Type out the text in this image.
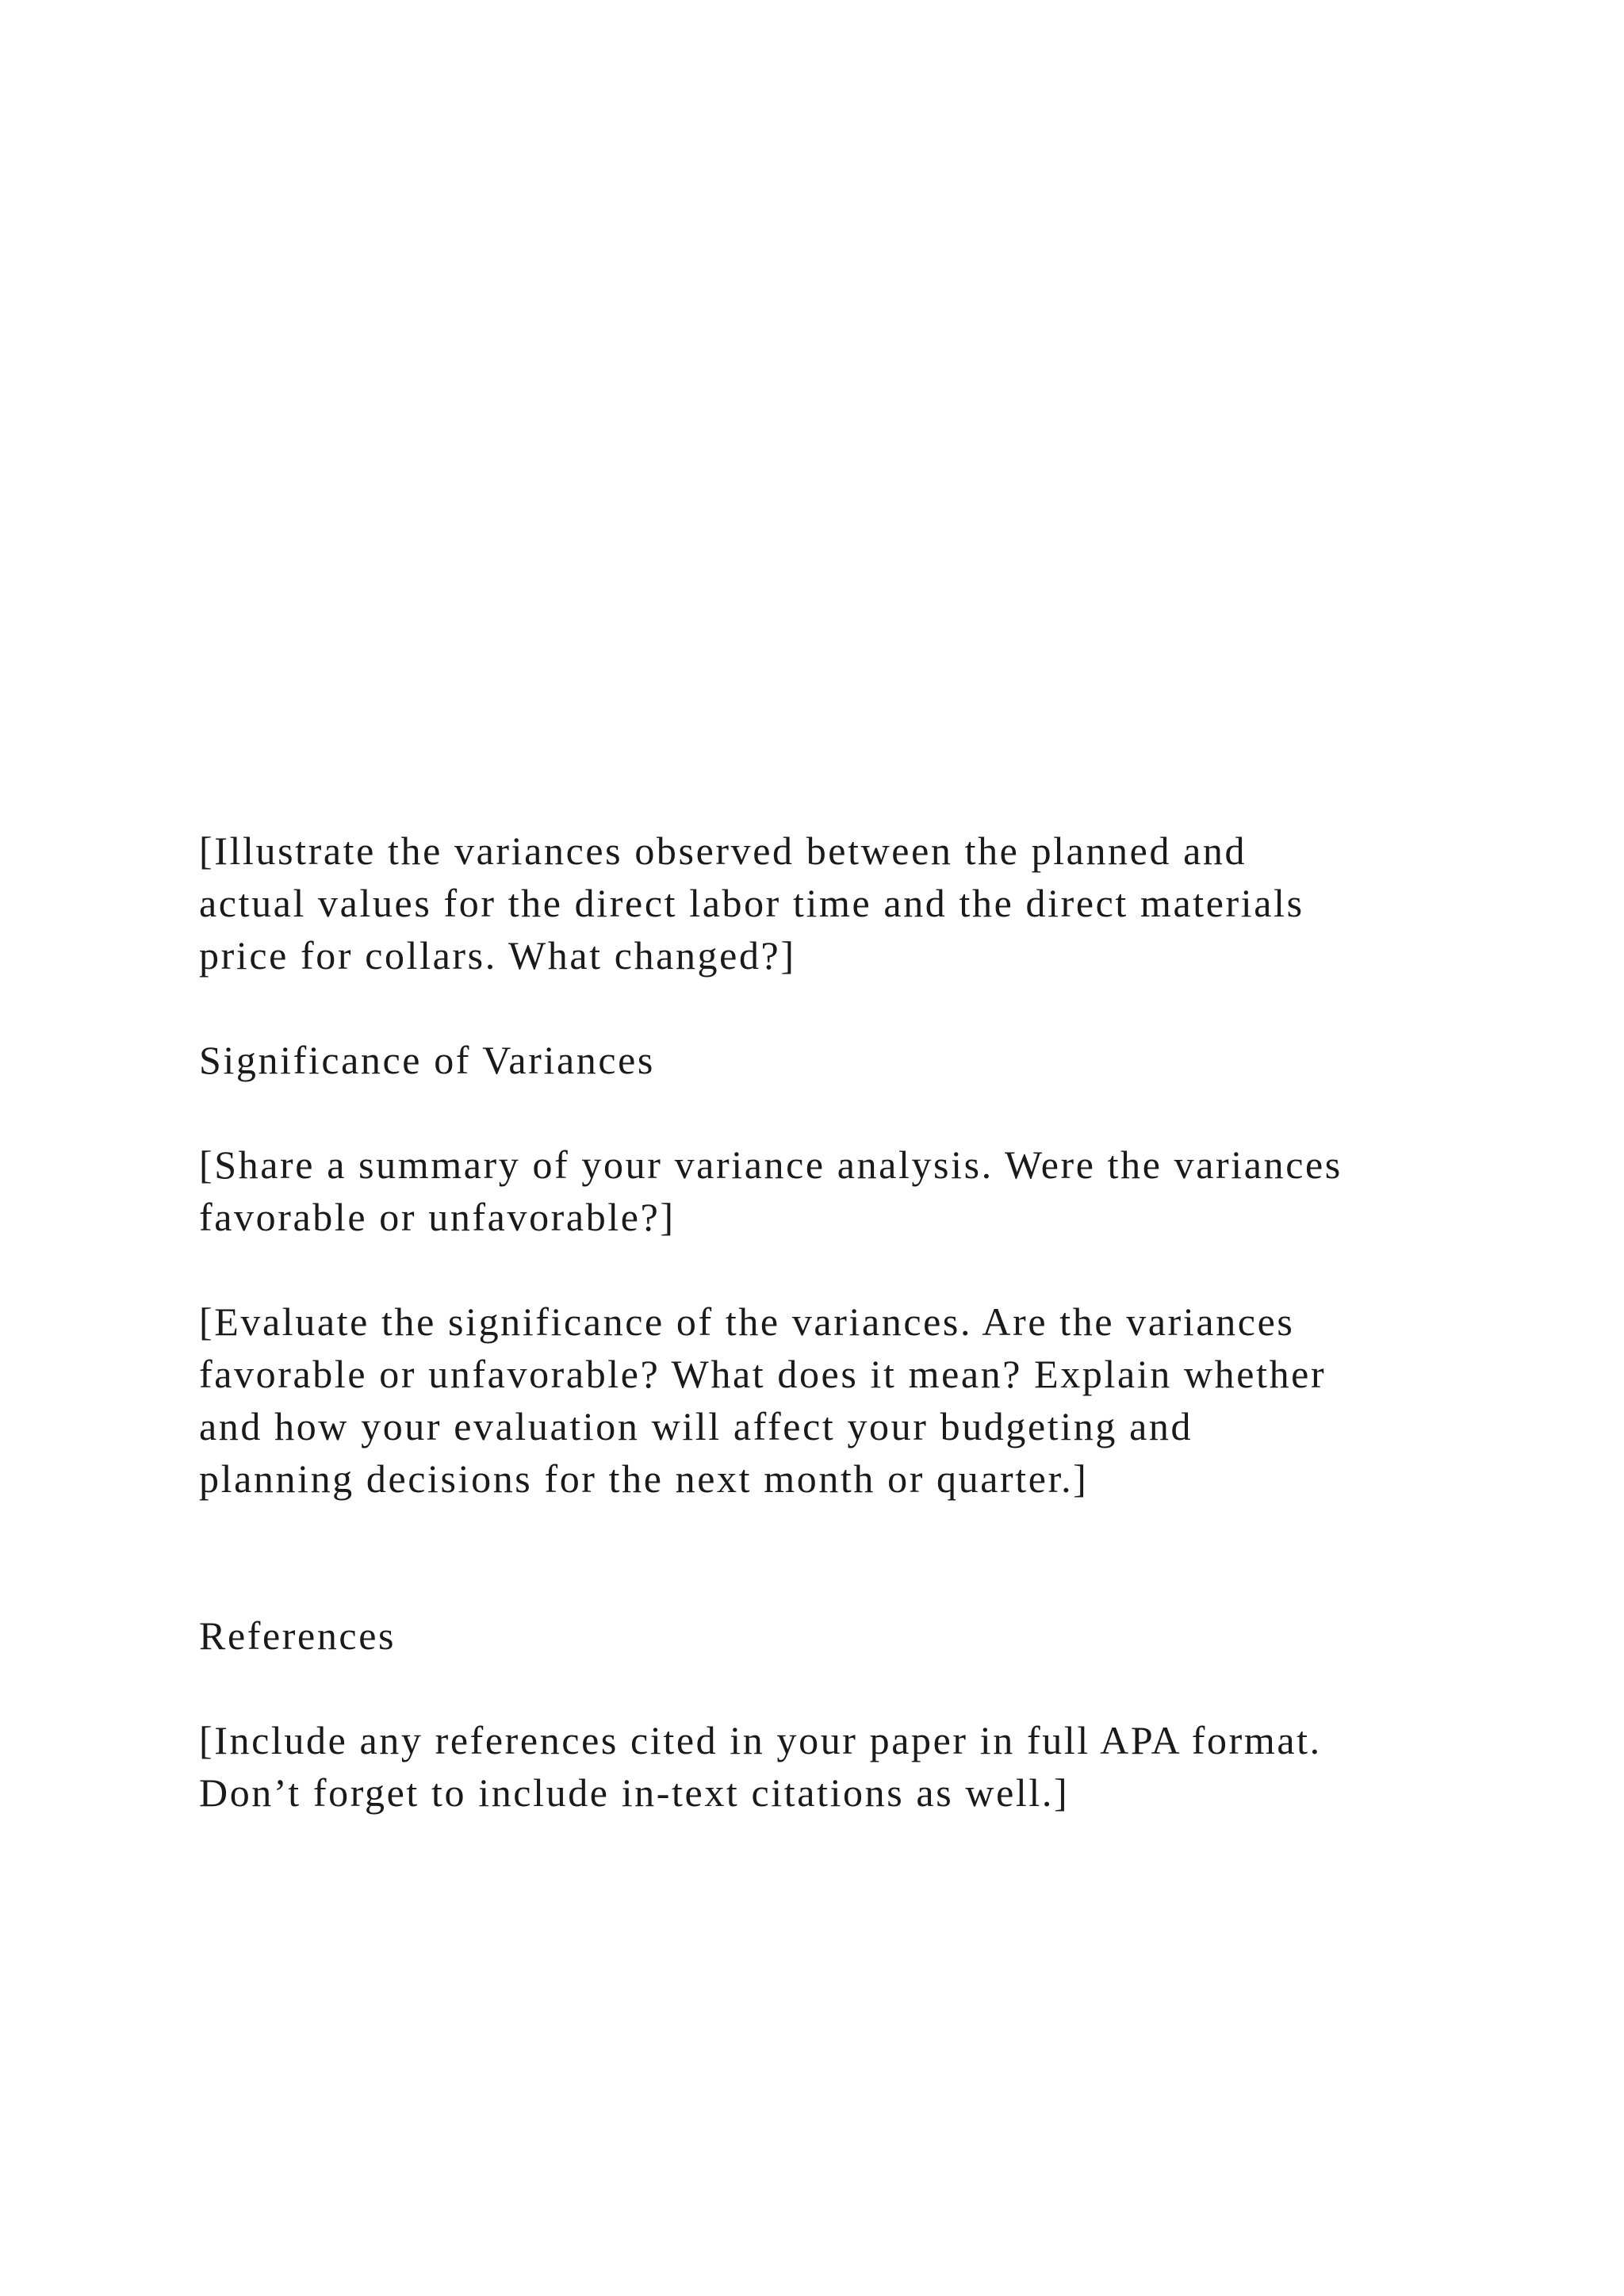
[Illustrate the variances observed between the planned and
actual values for the direct labor time and the direct materials
price for collars. What changed?]
Significance of Variances
[Share a summary of your variance analysis. Were the variances
favorable or unfavorable?]
[Evaluate the significance of the variances. Are the variances
favorable or unfavorable? What does it mean? Explain whether
and how your evaluation will affect your budgeting and
planning decisions for the next month or quarter.]
References
[Include any references cited in your paper in full APA format.
Don’t forget to include in-text citations as well.]
